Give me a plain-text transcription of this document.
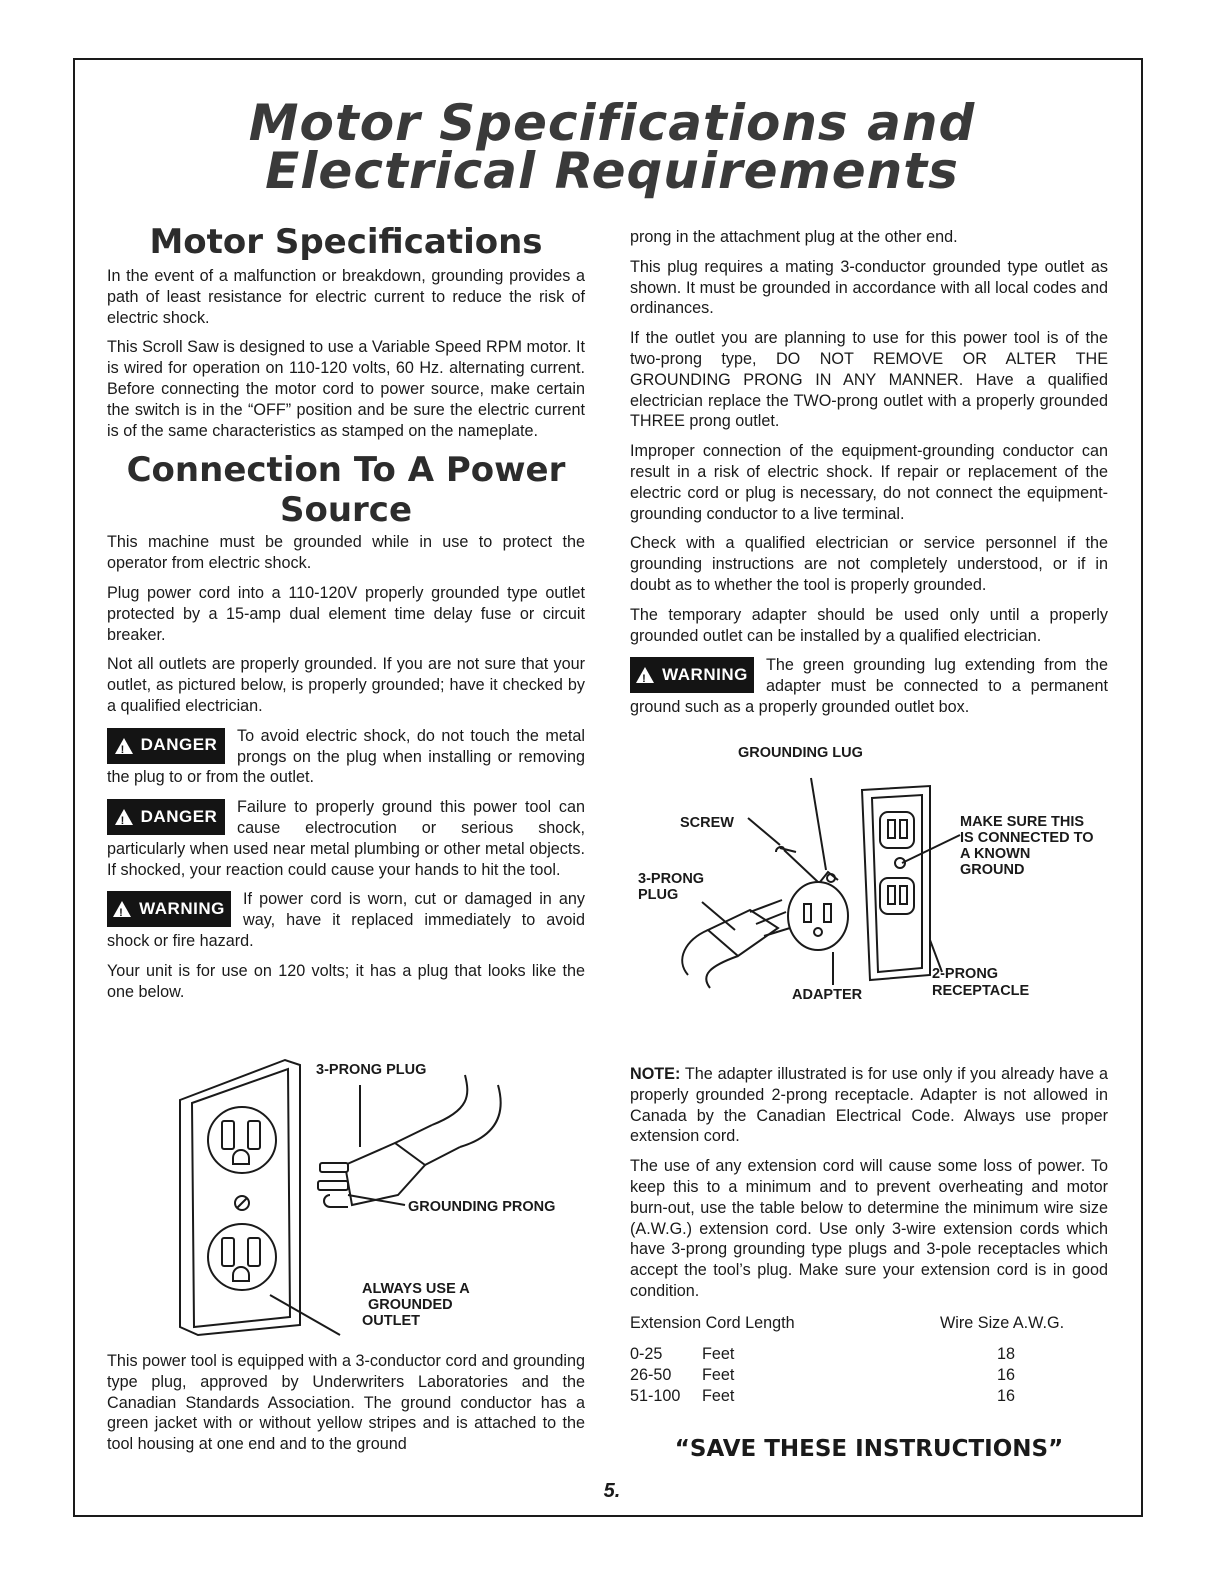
Motor Specifications and
Electrical Requirements
Motor Specifications

In the event of a malfunction or breakdown, grounding provides a path of least resistance for electric current to reduce the risk of electric shock.

This Scroll Saw is designed to use a Variable Speed RPM motor. It is wired for operation on 110-120 volts, 60 Hz. alternating current. Before connecting the motor cord to power source, make certain the switch is in the “OFF” position and be sure the electric current is of the same characteristics as stamped on the nameplate.

Connection To A Power
Source

This machine must be grounded while in use to protect the operator from electric shock.

Plug power cord into a 110-120V properly grounded type outlet protected by a 15-amp dual element time delay fuse or circuit breaker.

Not all outlets are properly grounded. If you are not sure that your outlet, as pictured below, is properly grounded; have it checked by a qualified electrician.

!
DANGER To avoid electric shock, do not touch the metal prongs on the plug when installing or removing the plug to or from the outlet.

!
DANGER Failure to properly ground this power tool can cause electrocution or serious shock, particularly when used near metal plumbing or other metal objects. If shocked, your reaction could cause your hands to hit the tool.

!
WARNING If power cord is worn, cut or damaged in any way, have it replaced immediately to avoid shock or fire hazard.

Your unit is for use on 120 volts; it has a plug that looks like the one below.

3-PRONG PLUG
GROUNDING PRONG
ALWAYS USE A
GROUNDED
OUTLET

This power tool is equipped with a 3-conductor cord and grounding type plug, approved by Underwriters Laboratories and the Canadian Standards Association. The ground conductor has a green jacket with or without yellow stripes and is attached to the tool housing at one end and to the ground

prong in the attachment plug at the other end.

This plug requires a mating 3-conductor grounded type outlet as shown. It must be grounded in accordance with all local codes and ordinances.

If the outlet you are planning to use for this power tool is of the two-prong type, DO NOT REMOVE OR ALTER THE GROUNDING PRONG IN ANY MANNER. Have a qualified electrician replace the TWO-prong outlet with a properly grounded THREE prong outlet.

Improper connection of the equipment-grounding conductor can result in a risk of electric shock. If repair or replacement of the electric cord or plug is necessary, do not connect the equipment-grounding conductor to a live terminal.

Check with a qualified electrician or service personnel if the grounding instructions are not completely understood, or if in doubt as to whether the tool is properly grounded.

The temporary adapter should be used only until a properly grounded outlet can be installed by a qualified electrician.

!
WARNING The green grounding lug extending from the adapter must be connected to a permanent ground such as a properly grounded outlet box.

GROUNDING LUG
SCREW
3-PRONG
PLUG
ADAPTER
MAKE SURE THIS
IS CONNECTED TO
A KNOWN
GROUND
2-PRONG
RECEPTACLE

NOTE: The adapter illustrated is for use only if you already have a properly grounded 2-prong receptacle. Adapter is not allowed in Canada by the Canadian Electrical Code. Always use proper extension cord.

The use of any extension cord will cause some loss of power. To keep this to a minimum and to prevent overheating and motor burn-out, use the table below to determine the minimum wire size (A.W.G.) extension cord. Use only 3-wire extension cords which have 3-prong grounding type plugs and 3-pole receptacles which accept the tool’s plug. Make sure your extension cord is in good condition.

Extension Cord Length	Wire Size A.W.G.
0-25 Feet	18
26-50 Feet	16
51-100 Feet	16
“SAVE THESE INSTRUCTIONS”
5.
